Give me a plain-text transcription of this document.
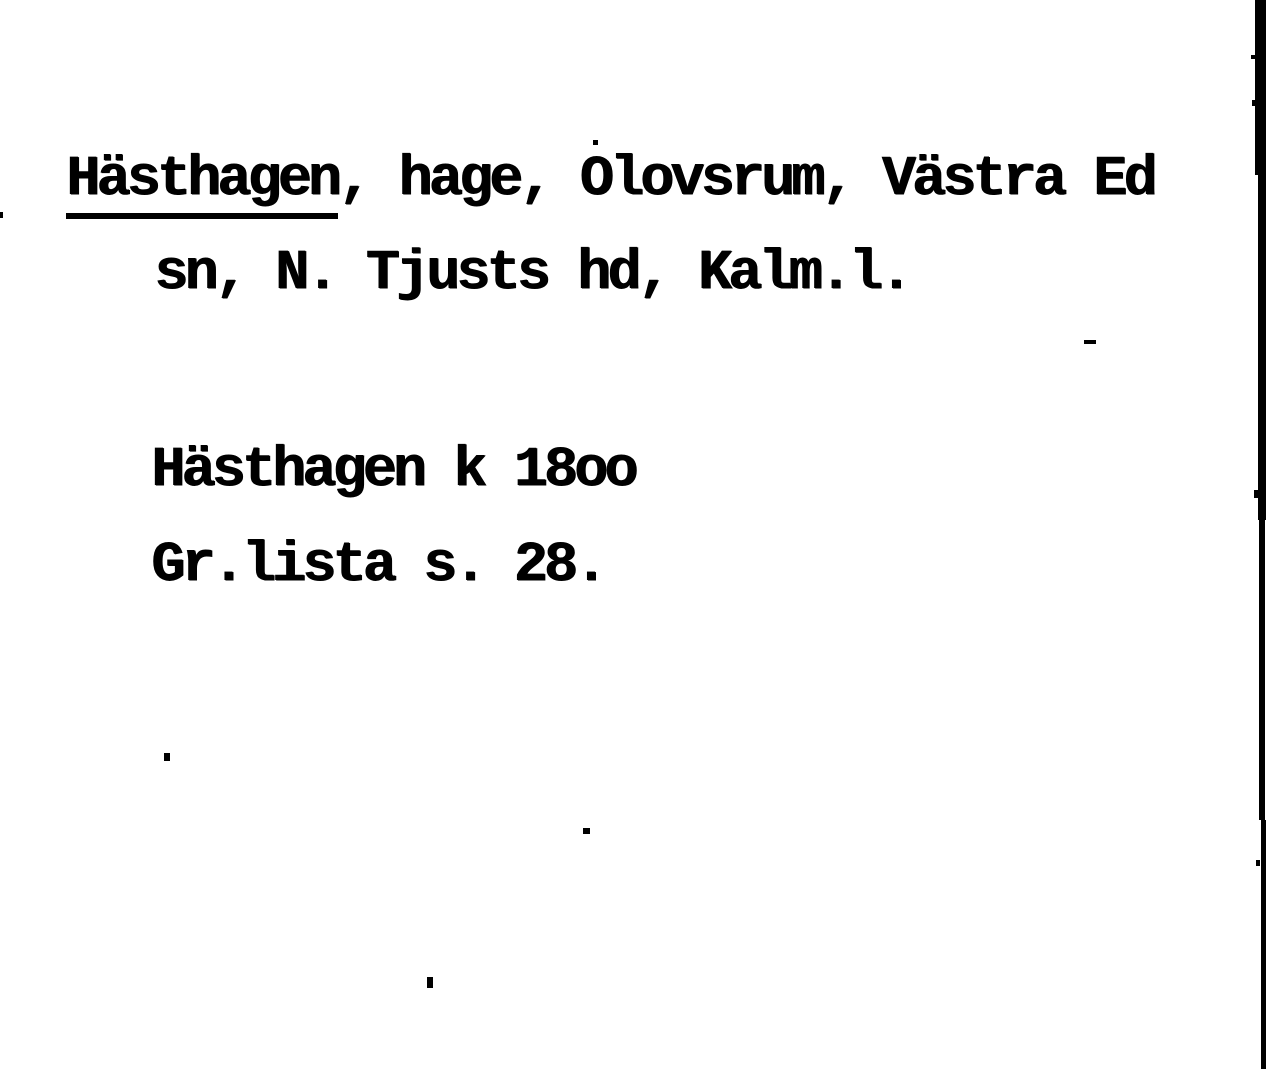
Hästhagen, hage, Olovsrum, Västra Ed
sn, N. Tjusts hd, Kalm.l.
Hästhagen k 18oo
Gr.lista s. 28.
